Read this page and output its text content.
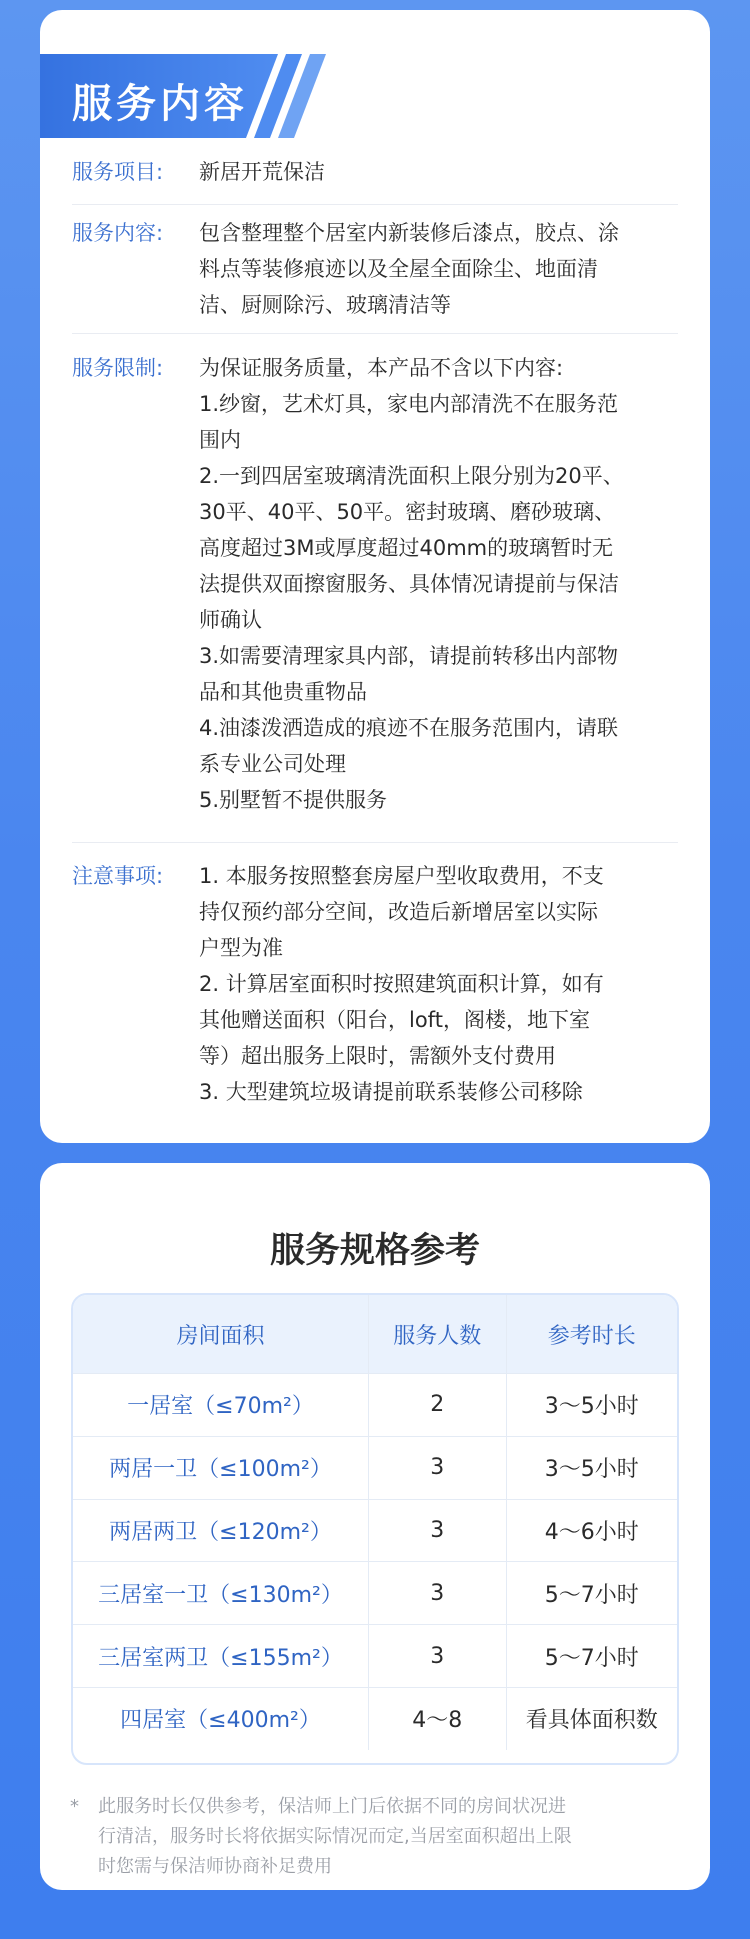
服务内容
服务项目:	新居开荒保洁
服务内容:	包含整理整个居室内新装修后漆点，胶点、涂
料点等装修痕迹以及全屋全面除尘、地面清
洁、厨厕除污、玻璃清洁等
服务限制:	为保证服务质量，本产品不含以下内容:
1.纱窗，艺术灯具，家电内部清洗不在服务范
围内
2.一到四居室玻璃清洗面积上限分别为20平、
30平、40平、50平。密封玻璃、磨砂玻璃、
高度超过3M或厚度超过40mm的玻璃暂时无
法提供双面擦窗服务、具体情况请提前与保洁
师确认
3.如需要清理家具内部，请提前转移出内部物
品和其他贵重物品
4.油漆泼洒造成的痕迹不在服务范围内，请联
系专业公司处理
5.别墅暂不提供服务
注意事项:	1. 本服务按照整套房屋户型收取费用，不支
持仅预约部分空间，改造后新增居室以实际
户型为准
2. 计算居室面积时按照建筑面积计算，如有
其他赠送面积（阳台，loft，阁楼，地下室
等）超出服务上限时，需额外支付费用
3. 大型建筑垃圾请提前联系装修公司移除
服务规格参考
房间面积	服务人数	参考时长
一居室（≤70m²）	2	3～5小时
两居一卫（≤100m²）	3	3～5小时
两居两卫（≤120m²）	3	4～6小时
三居室一卫（≤130m²）	3	5～7小时
三居室两卫（≤155m²）	3	5～7小时
四居室（≤400m²）	4～8	看具体面积数
* 此服务时长仅供参考，保洁师上门后依据不同的房间状况进
行清洁，服务时长将依据实际情况而定,当居室面积超出上限
时您需与保洁师协商补足费用
